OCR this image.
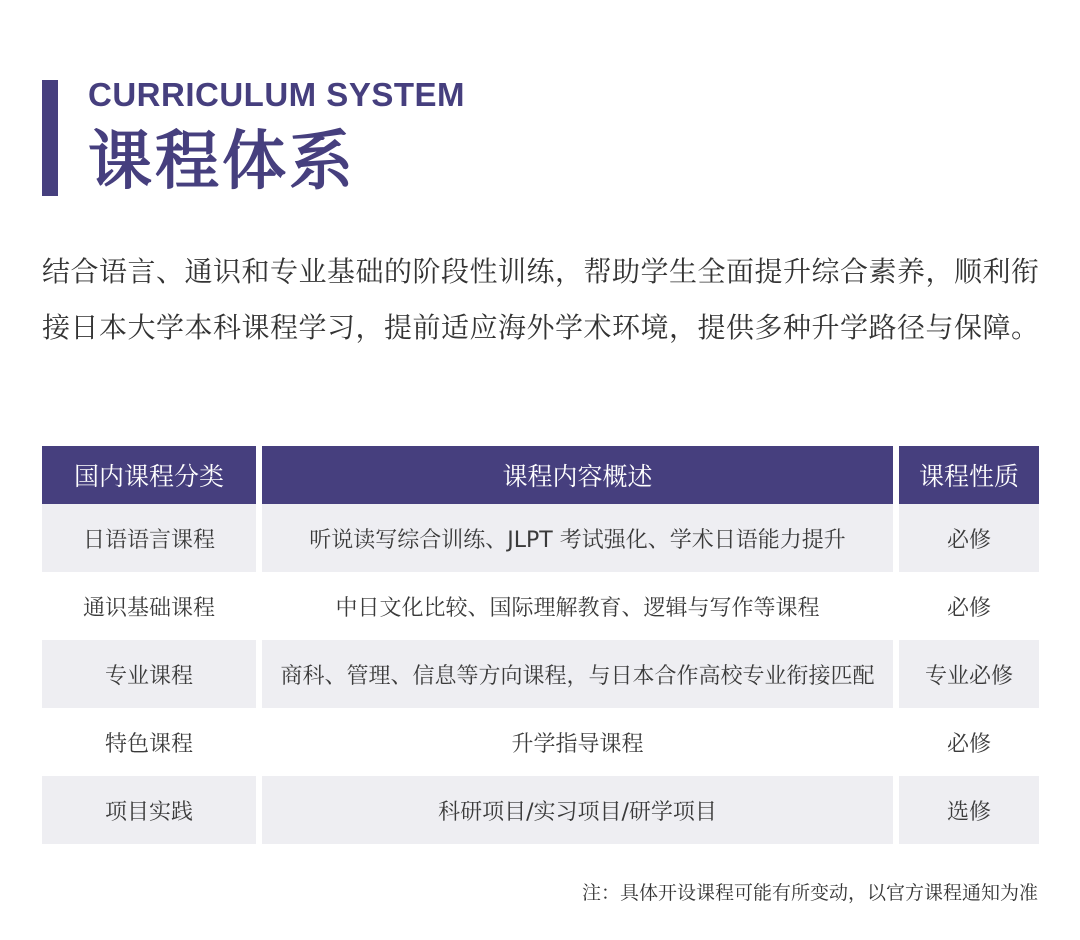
CURRICULUM SYSTEM
课程体系

结合语言、通识和专业基础的阶段性训练，帮助学生全面提升综合素养，顺利衔接日本大学本科课程学习，提前适应海外学术环境，提供多种升学路径与保障。

国内课程分类	课程内容概述	课程性质
日语语言课程	听说读写综合训练、JLPT 考试强化、学术日语能力提升	必修
通识基础课程	中日文化比较、国际理解教育、逻辑与写作等课程	必修
专业课程	商科、管理、信息等方向课程，与日本合作高校专业衔接匹配	专业必修
特色课程	升学指导课程	必修
项目实践	科研项目/实习项目/研学项目	选修
注：具体开设课程可能有所变动，以官方课程通知为准
